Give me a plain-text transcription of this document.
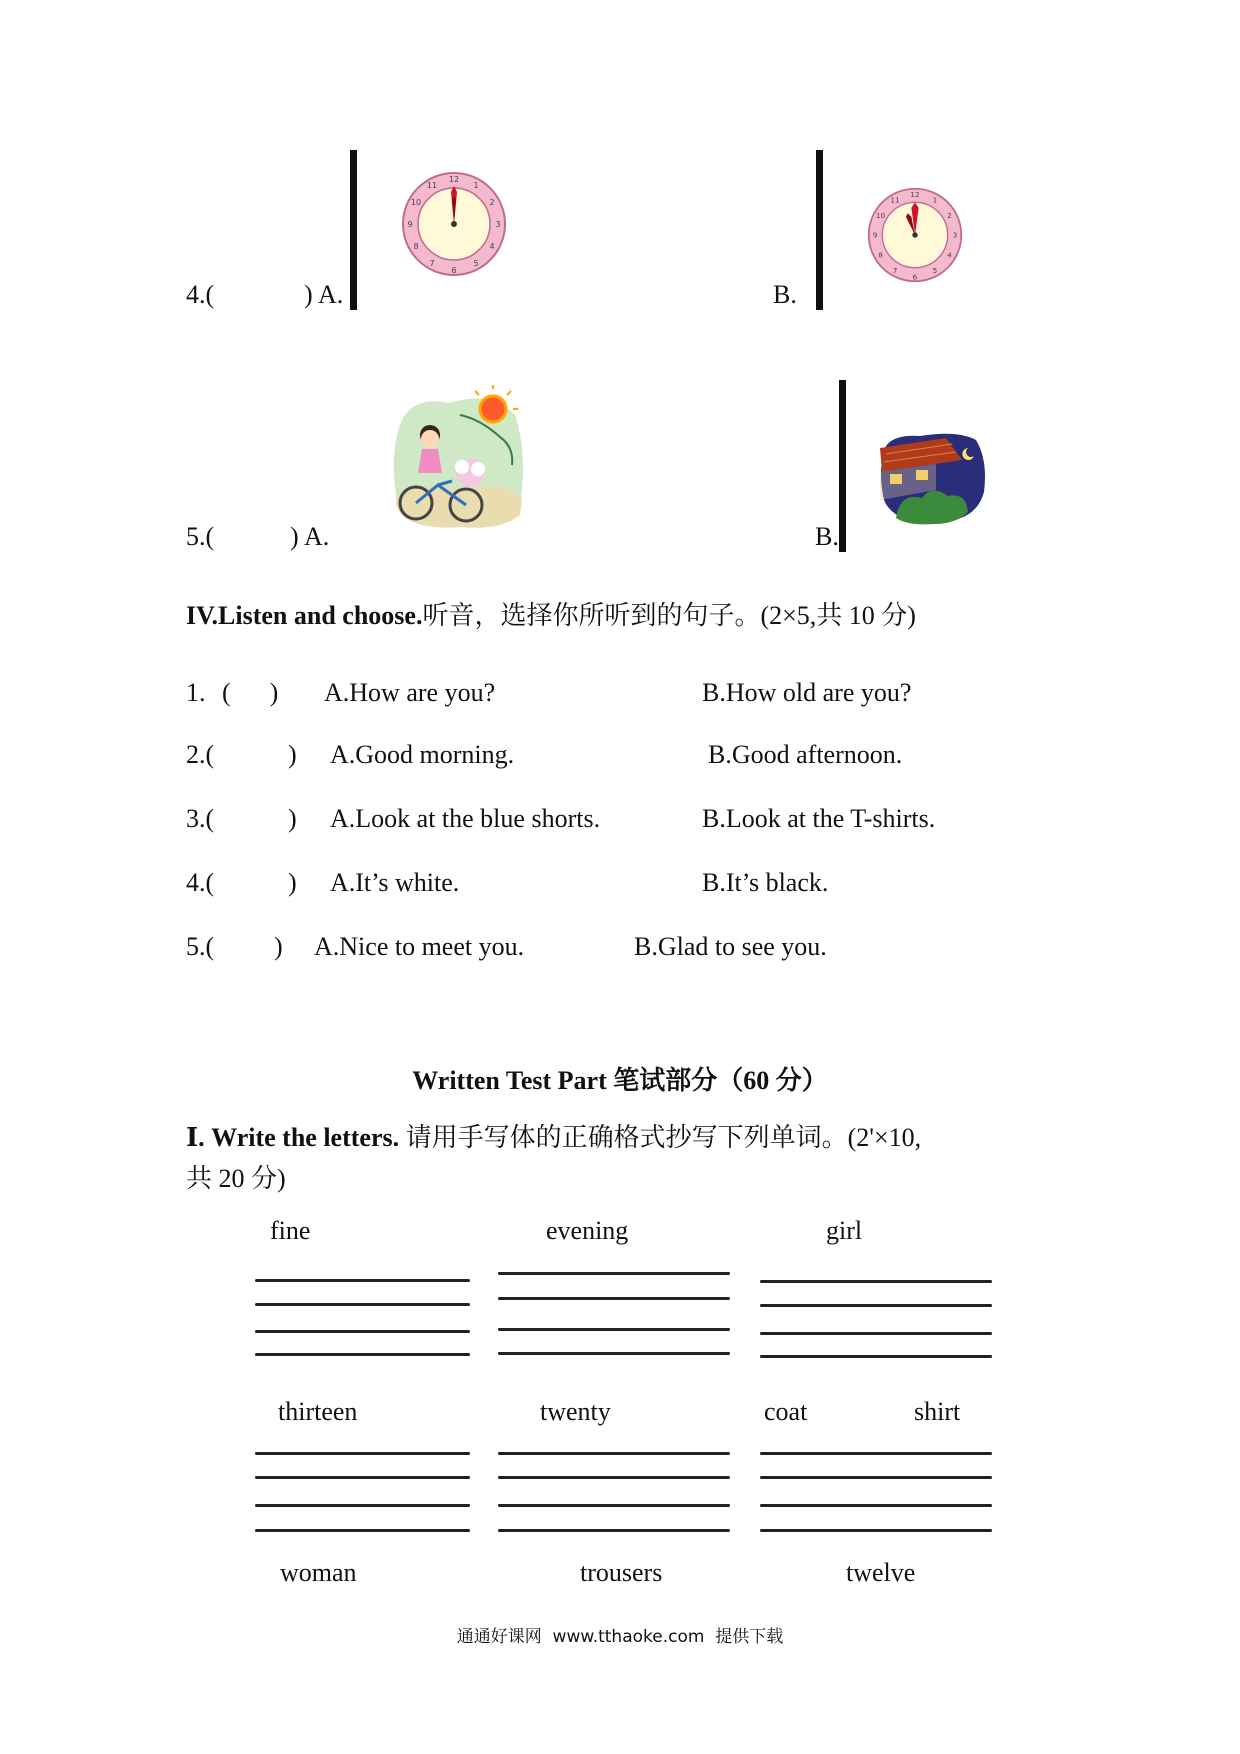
4.(	) A.
12
1
2
3
4
5
6
7
8
9
10
11
B.
12
1
2
3
4
5
6
7
8
9
10
11
5.(	) A.	B.
IV.Listen and choose.听音，选择你所听到的句子。(2×5,共 10 分)
1. (      ) A.How are you?	B.How old are you?
2.(	) A.Good morning.	B.Good afternoon.
3.(	) A.Look at the blue shorts.	B.Look at the T-shirts.
4.(	) A.It’s white.	B.It’s black.
5.( ) A.Nice to meet you.	B.Glad to see you.
Written Test Part 笔试部分（60 分）
Ⅰ. Write the letters. 请用手写体的正确格式抄写下列单词。(2'×10,
共 20 分)
fine	evening	girl
thirteen	twenty	coat	shirt
woman	trousers	twelve
通通好课网  www.tthaoke.com  提供下载
